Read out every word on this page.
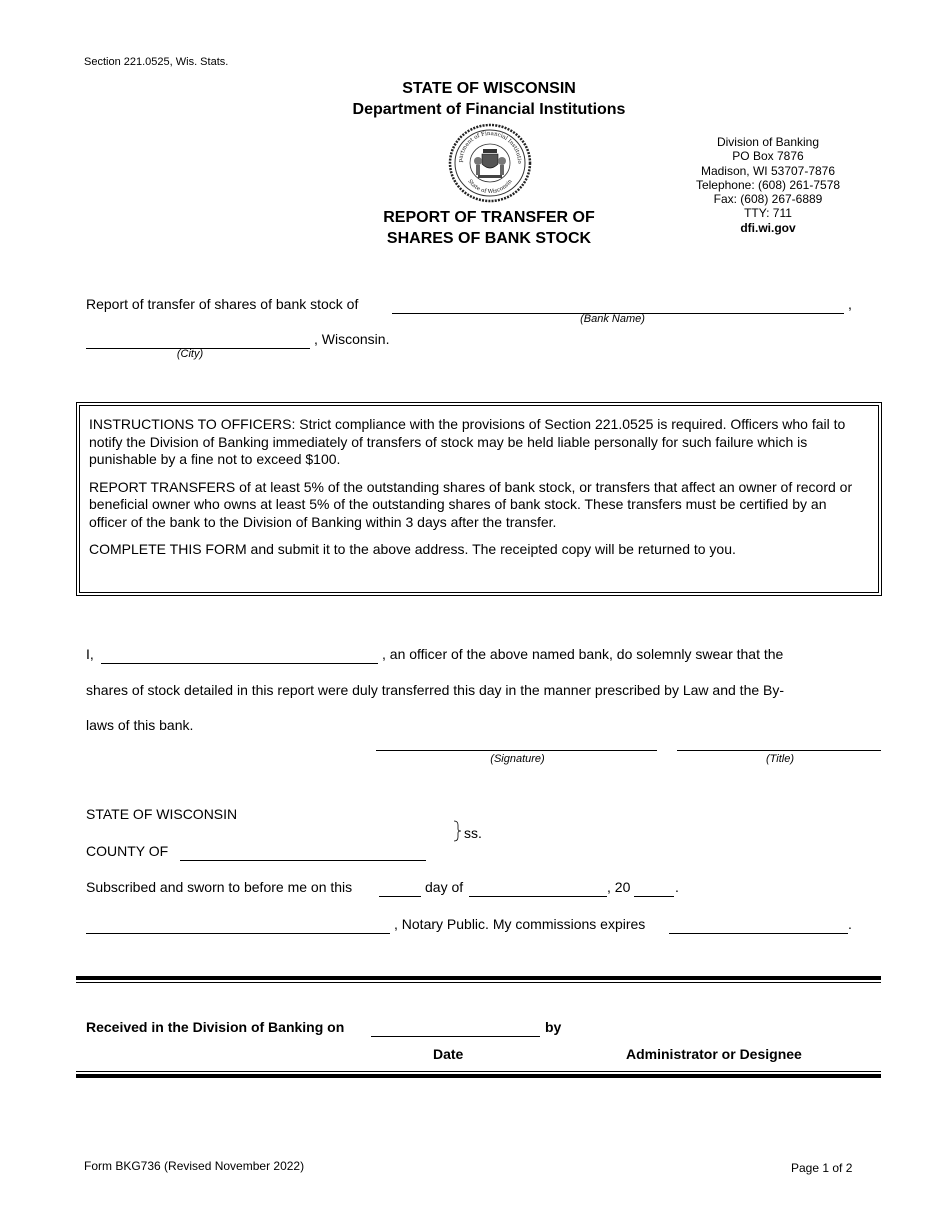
Section 221.0525, Wis. Stats.
STATE OF WISCONSIN
Department of Financial Institutions
partment of Financial Institutio
State of Wisconsin
REPORT OF TRANSFER OF
SHARES OF BANK STOCK
Division of Banking
PO Box 7876
Madison, WI 53707-7876
Telephone: (608) 261-7578
Fax: (608) 267-6889
TTY: 711
dfi.wi.gov
Report of transfer of shares of bank stock of	,
(Bank Name)
, Wisconsin.
(City)

INSTRUCTIONS TO OFFICERS: Strict compliance with the provisions of Section 221.0525 is required. Officers who fail to notify the Division of Banking immediately of transfers of stock may be held liable personally for such failure which is punishable by a fine not to exceed $100.

REPORT TRANSFERS of at least 5% of the outstanding shares of bank stock, or transfers that affect an owner of record or beneficial owner who owns at least 5% of the outstanding shares of bank stock. These transfers must be certified by an officer of the bank to the Division of Banking within 3 days after the transfer.

COMPLETE THIS FORM and submit it to the above address. The receipted copy will be returned to you.

I,	, an officer of the above named bank, do solemnly swear that the
shares of stock detailed in this report were duly transferred this day in the manner prescribed by Law and the By-
laws of this bank.
(Signature)	(Title)
STATE OF WISCONSIN
ss.
COUNTY OF
Subscribed and sworn to before me on this	day of	, 20	.
, Notary Public. My commissions expires	.
Received in the Division of Banking on	by
Date	Administrator or Designee
Form BKG736 (Revised November 2022)	Page 1 of 2
